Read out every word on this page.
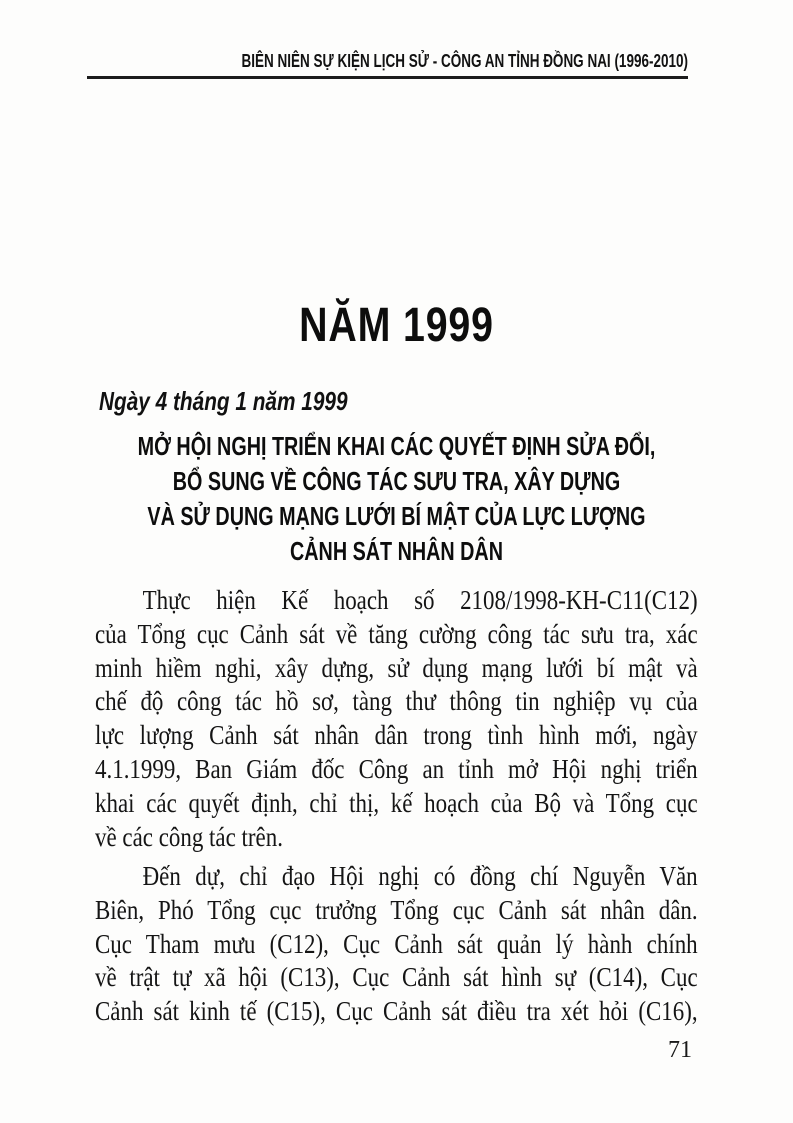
BIÊN NIÊN SỰ KIỆN LỊCH SỬ - CÔNG AN TỈNH ĐỒNG NAI (1996-2010)
NĂM 1999
Ngày 4 tháng 1 năm 1999
MỞ HỘI NGHỊ TRIỂN KHAI CÁC QUYẾT ĐỊNH SỬA ĐỔI,
BỔ SUNG VỀ CÔNG TÁC SƯU TRA, XÂY DỰNG
VÀ SỬ DỤNG MẠNG LƯỚI BÍ MẬT CỦA LỰC LƯỢNG
CẢNH SÁT NHÂN DÂN
Thực hiện Kế hoạch số 2108/1998-KH-C11(C12)
của Tổng cục Cảnh sát về tăng cường công tác sưu tra, xác
minh hiềm nghi, xây dựng, sử dụng mạng lưới bí mật và
chế độ công tác hồ sơ, tàng thư thông tin nghiệp vụ của
lực lượng Cảnh sát nhân dân trong tình hình mới, ngày
4.1.1999, Ban Giám đốc Công an tỉnh mở Hội nghị triển
khai các quyết định, chỉ thị, kế hoạch của Bộ và Tổng cục
về các công tác trên.
Đến dự, chỉ đạo Hội nghị có đồng chí Nguyễn Văn
Biên, Phó Tổng cục trưởng Tổng cục Cảnh sát nhân dân.
Cục Tham mưu (C12), Cục Cảnh sát quản lý hành chính
về trật tự xã hội (C13), Cục Cảnh sát hình sự (C14), Cục
Cảnh sát kinh tế (C15), Cục Cảnh sát điều tra xét hỏi (C16),
71
